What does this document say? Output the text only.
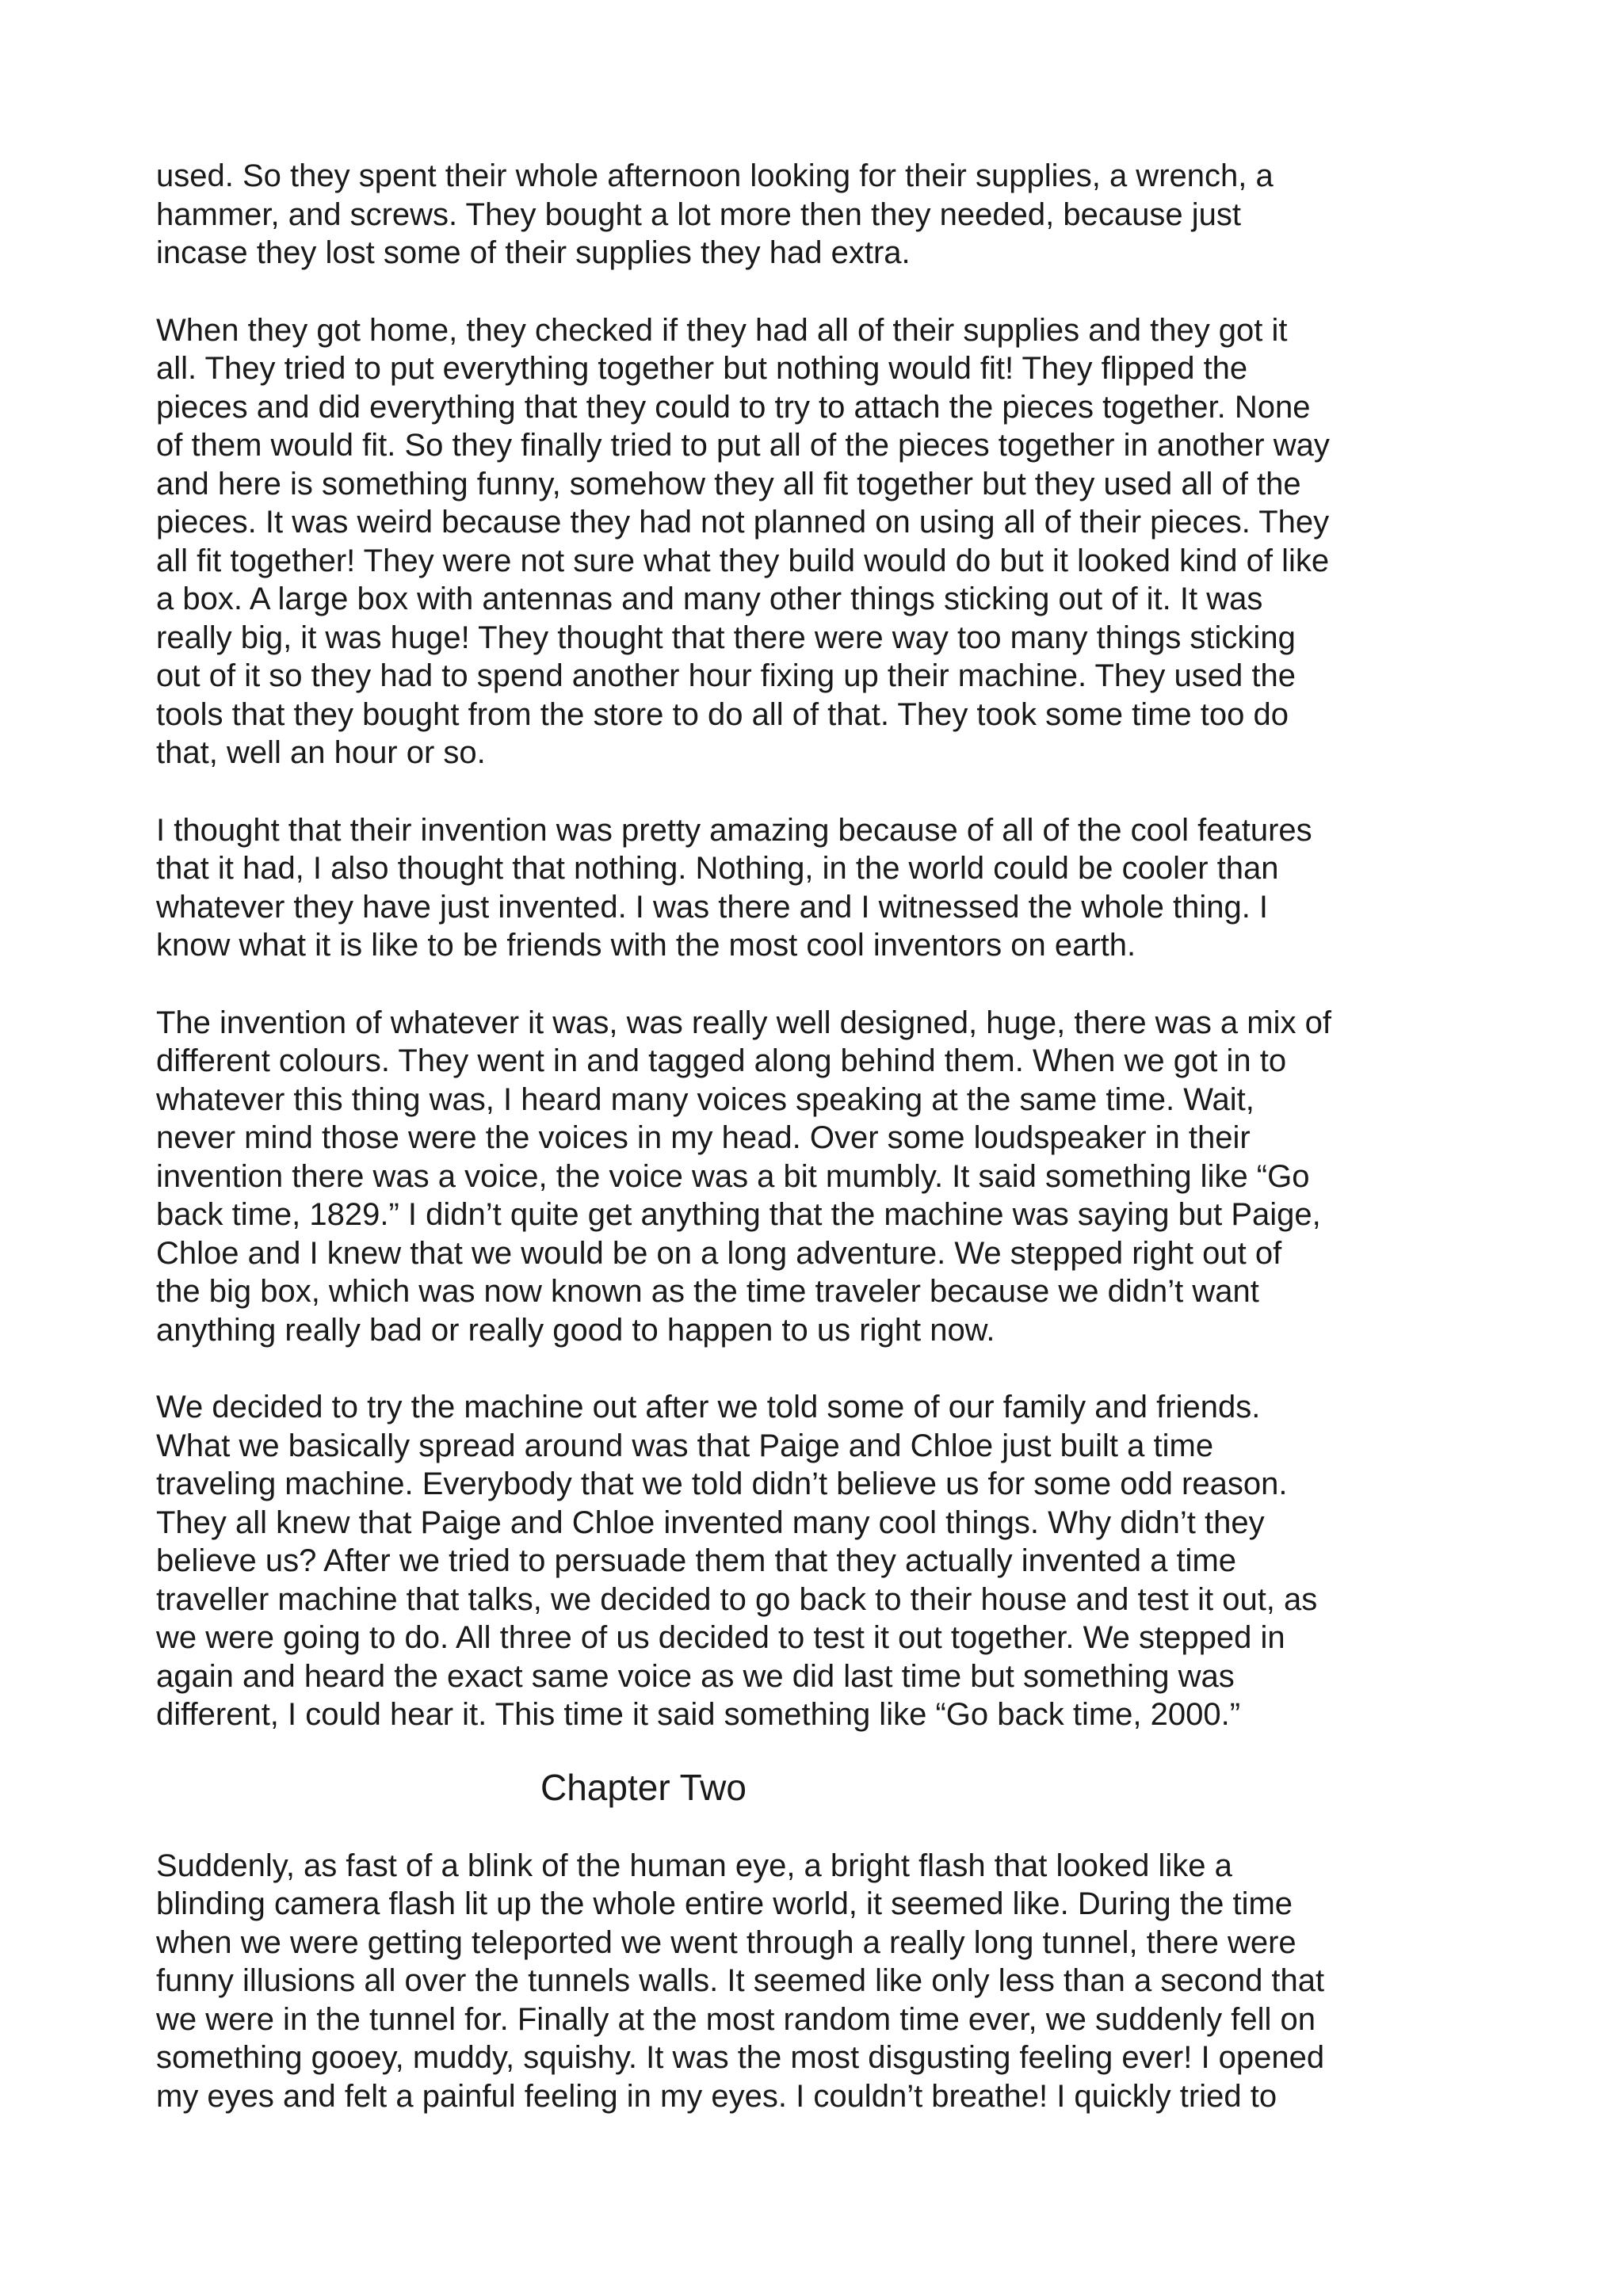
used. So they spent their whole afternoon looking for their supplies, a wrench, a
hammer, and screws. They bought a lot more then they needed, because just
incase they lost some of their supplies they had extra.

When they got home, they checked if they had all of their supplies and they got it
all. They tried to put everything together but nothing would fit! They flipped the
pieces and did everything that they could to try to attach the pieces together. None
of them would fit. So they finally tried to put all of the pieces together in another way
and here is something funny, somehow they all fit together but they used all of the
pieces. It was weird because they had not planned on using all of their pieces. They
all fit together! They were not sure what they build would do but it looked kind of like
a box. A large box with antennas and many other things sticking out of it. It was
really big, it was huge! They thought that there were way too many things sticking
out of it so they had to spend another hour fixing up their machine. They used the
tools that they bought from the store to do all of that. They took some time too do
that, well an hour or so.

I thought that their invention was pretty amazing because of all of the cool features
that it had, I also thought that nothing. Nothing, in the world could be cooler than
whatever they have just invented. I was there and I witnessed the whole thing. I
know what it is like to be friends with the most cool inventors on earth.

The invention of whatever it was, was really well designed, huge, there was a mix of
different colours. They went in and tagged along behind them. When we got in to
whatever this thing was, I heard many voices speaking at the same time. Wait,
never mind those were the voices in my head. Over some loudspeaker in their
invention there was a voice, the voice was a bit mumbly. It said something like “Go
back time, 1829.” I didn’t quite get anything that the machine was saying but Paige,
Chloe and I knew that we would be on a long adventure. We stepped right out of
the big box, which was now known as the time traveler because we didn’t want
anything really bad or really good to happen to us right now.

We decided to try the machine out after we told some of our family and friends.
What we basically spread around was that Paige and Chloe just built a time
traveling machine. Everybody that we told didn’t believe us for some odd reason.
They all knew that Paige and Chloe invented many cool things. Why didn’t they
believe us? After we tried to persuade them that they actually invented a time
traveller machine that talks, we decided to go back to their house and test it out, as
we were going to do. All three of us decided to test it out together. We stepped in
again and heard the exact same voice as we did last time but something was
different, I could hear it. This time it said something like “Go back time, 2000.”

Chapter Two

Suddenly, as fast of a blink of the human eye, a bright flash that looked like a
blinding camera flash lit up the whole entire world, it seemed like. During the time
when we were getting teleported we went through a really long tunnel, there were
funny illusions all over the tunnels walls. It seemed like only less than a second that
we were in the tunnel for. Finally at the most random time ever, we suddenly fell on
something gooey, muddy, squishy. It was the most disgusting feeling ever! I opened
my eyes and felt a painful feeling in my eyes. I couldn’t breathe! I quickly tried to
